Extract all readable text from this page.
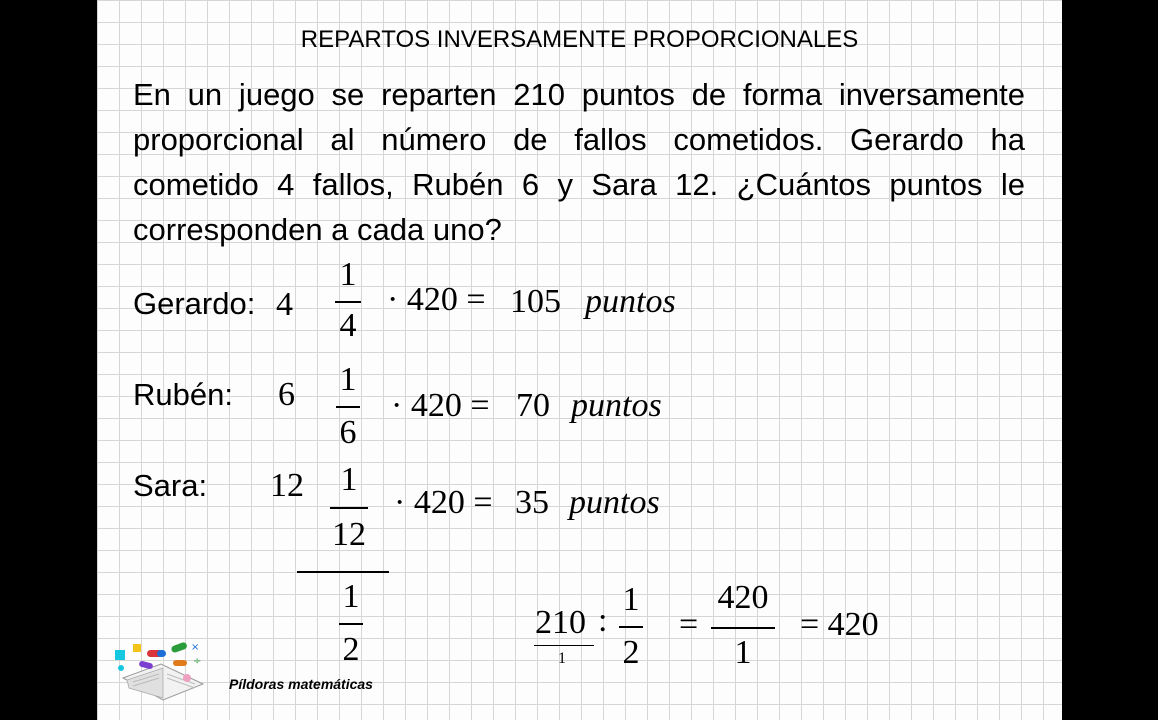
REPARTOS INVERSAMENTE PROPORCIONALES
En un juego se reparten 210 puntos de forma inversamente proporcional al número de fallos cometidos. Gerardo ha cometido 4 fallos, Rubén 6 y Sara 12. ¿Cuántos puntos le corresponden a cada uno?
Gerardo: 4
1
4
· 420 = 105 puntos
Rubén: 6 1
6
· 420 = 70 puntos
Sara: 12 1
12
· 420 = 35 puntos
1
2
210
1
:
1
2
=
420
1
= 420
×
÷
Píldoras matemáticas
